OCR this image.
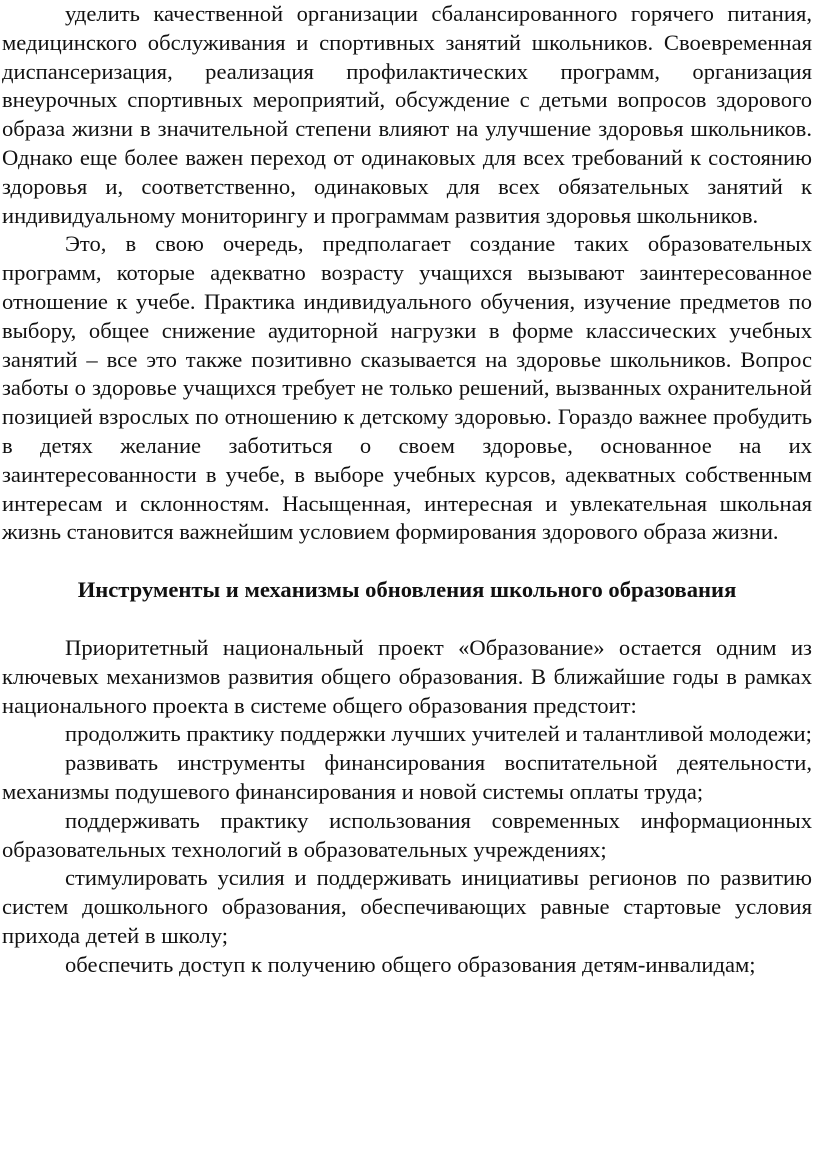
уделить качественной организации сбалансированного горячего питания, медицинского обслуживания и спортивных занятий школьников. Своевременная диспансеризация, реализация профилактических программ, организация внеурочных спортивных мероприятий, обсуждение с детьми вопросов здорового образа жизни в значительной степени влияют на улучшение здоровья школьников. Однако еще более важен переход от одинаковых для всех требований к состоянию здоровья и, соответственно, одинаковых для всех обязательных занятий к индивидуальному мониторингу и программам развития здоровья школьников.

Это, в свою очередь, предполагает создание таких образовательных программ, которые адекватно возрасту учащихся вызывают заинтересованное отношение к учебе. Практика индивидуального обучения, изучение предметов по выбору, общее снижение аудиторной нагрузки в форме классических учебных занятий – все это также позитивно сказывается на здоровье школьников. Вопрос заботы о здоровье учащихся требует не только решений, вызванных охранительной позицией взрослых по отношению к детскому здоровью. Гораздо важнее пробудить в детях желание заботиться о своем здоровье, основанное на их заинтересованности в учебе, в выборе учебных курсов, адекватных собственным интересам и склонностям. Насыщенная, интересная и увлекательная школьная жизнь становится важнейшим условием формирования здорового образа жизни.

Инструменты и механизмы обновления школьного образования

Приоритетный национальный проект «Образование» остается одним из ключевых механизмов развития общего образования. В ближайшие годы в рамках национального проекта в системе общего образования предстоит:

продолжить практику поддержки лучших учителей и талантливой молодежи;

развивать инструменты финансирования воспитательной деятельности, механизмы подушевого финансирования и новой системы оплаты труда;

поддерживать практику использования современных информационных образовательных технологий в образовательных учреждениях;

стимулировать усилия и поддерживать инициативы регионов по развитию систем дошкольного образования, обеспечивающих равные стартовые условия прихода детей в школу;

обеспечить доступ к получению общего образования детям-инвалидам;
